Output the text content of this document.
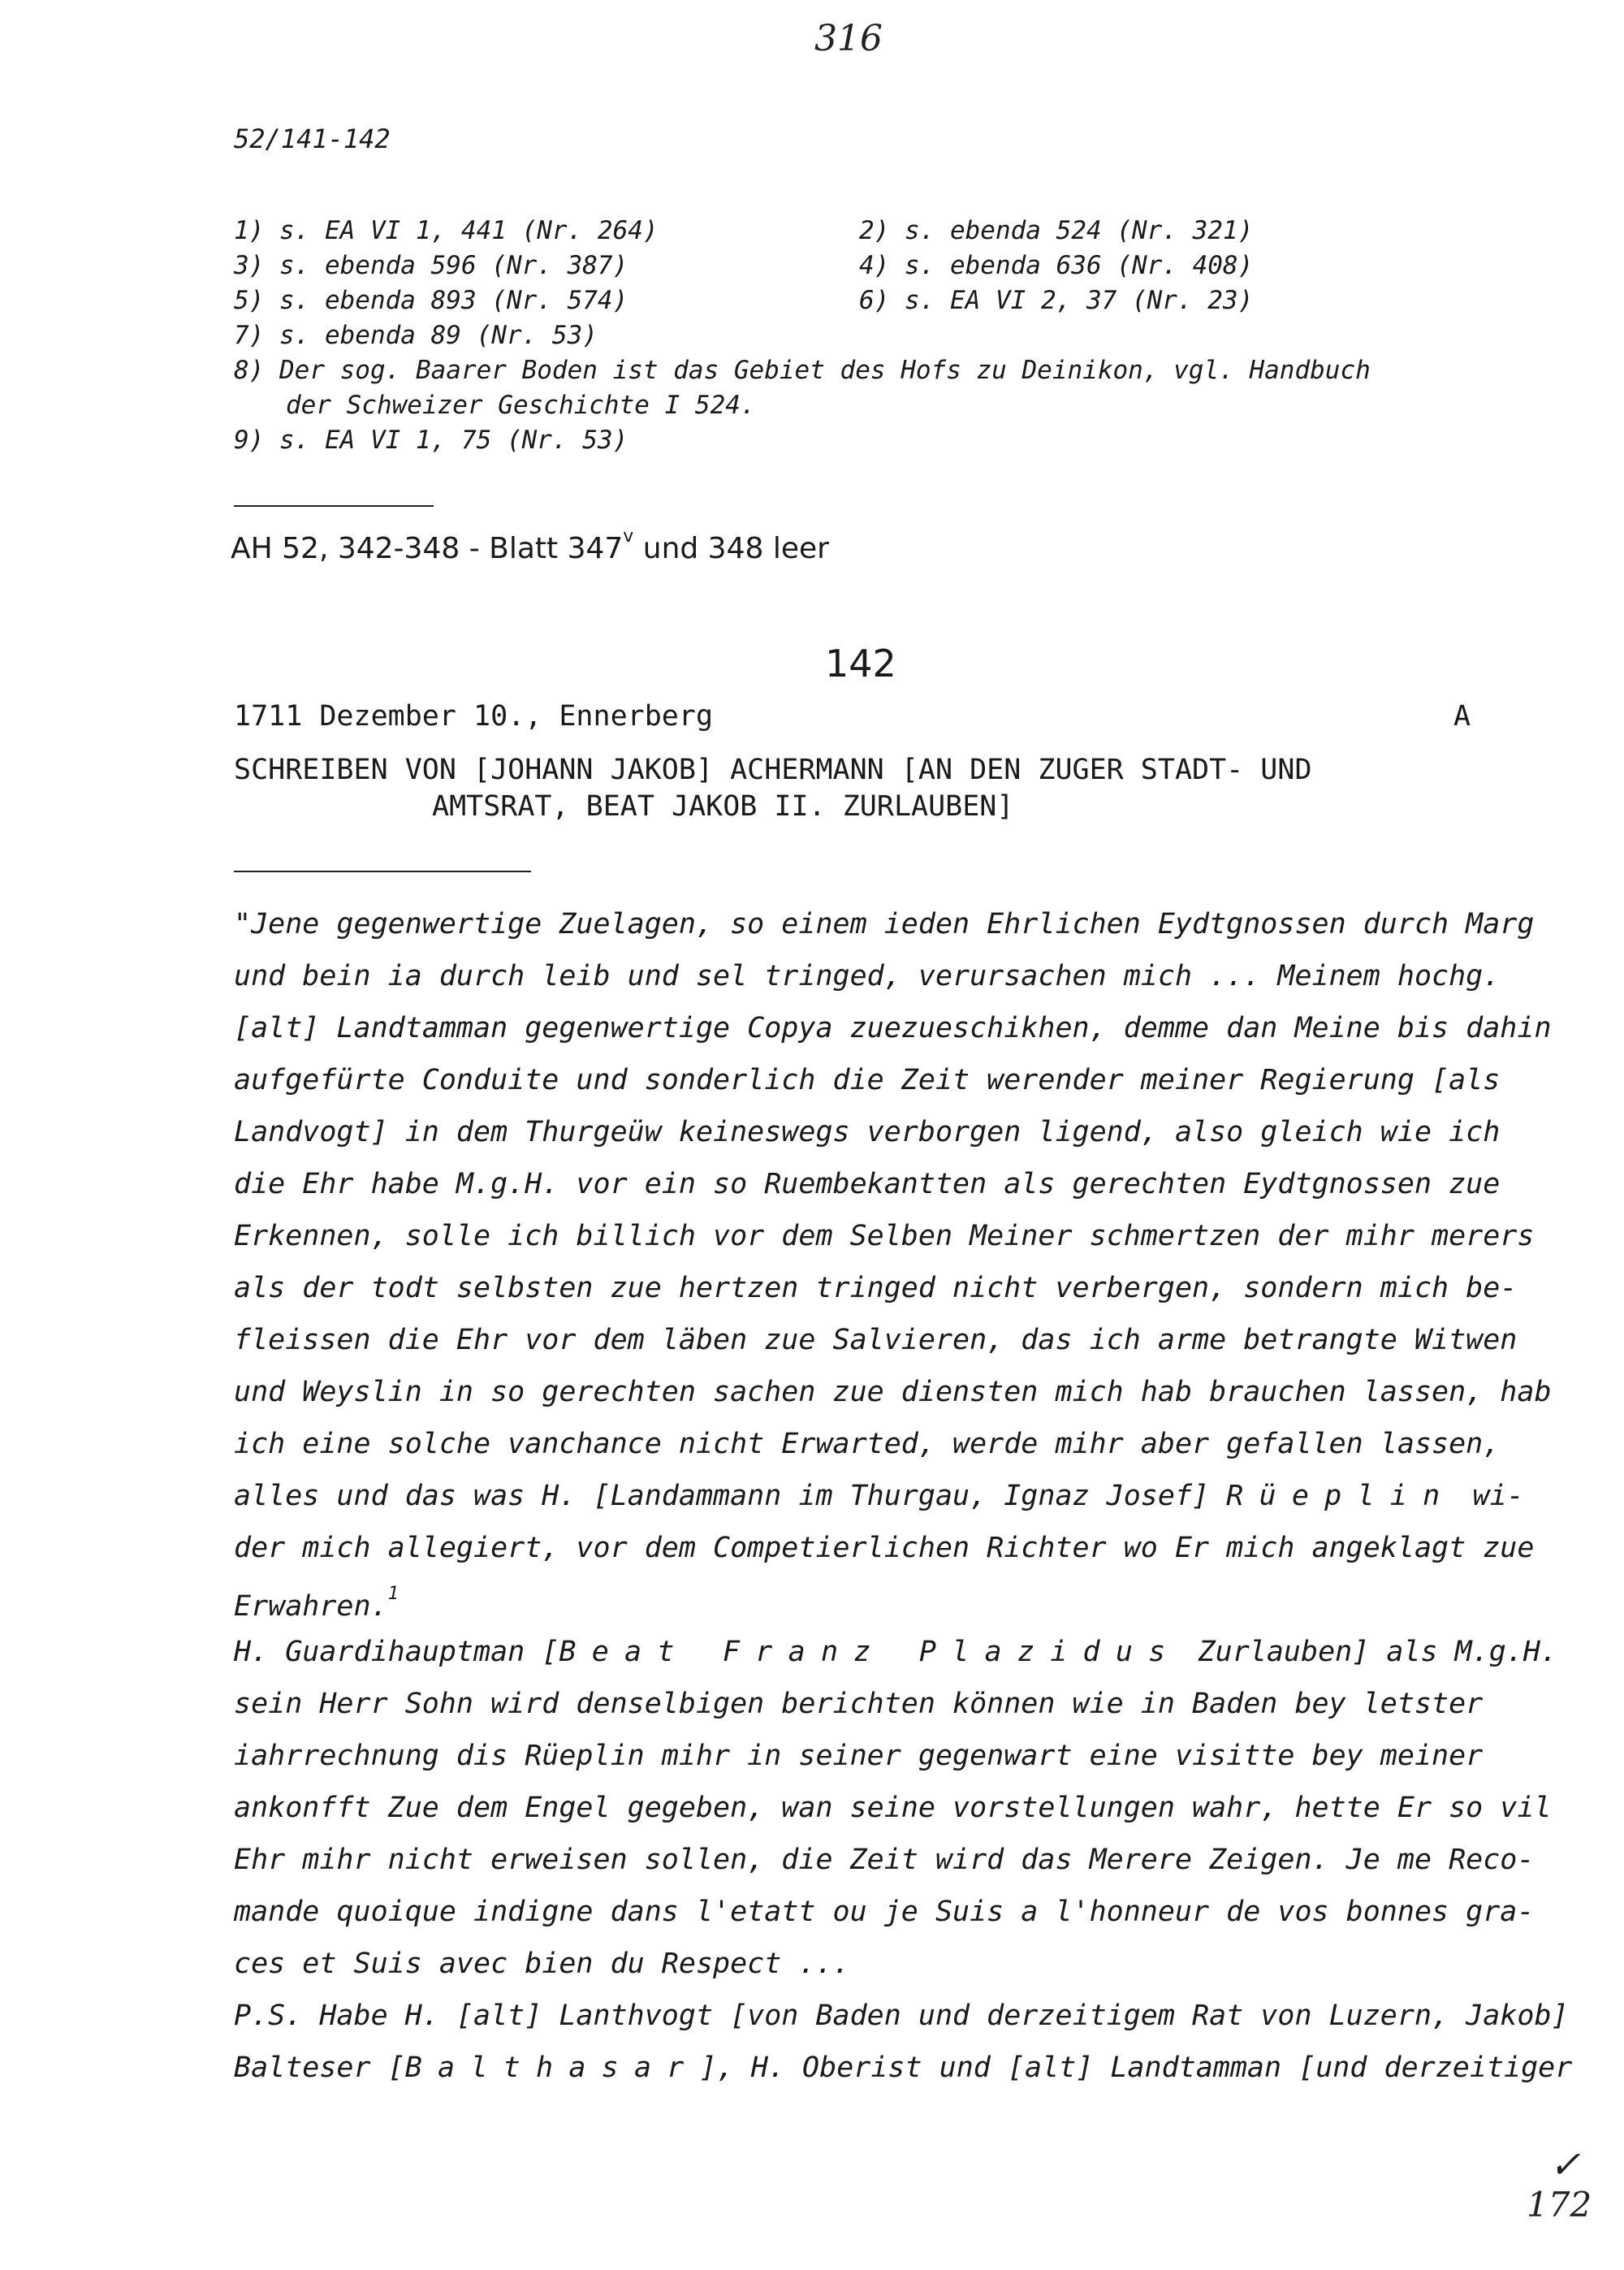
316
52/141-142
1) s. EA VI 1, 441 (Nr. 264)	2) s. ebenda 524 (Nr. 321)
3) s. ebenda 596 (Nr. 387)	4) s. ebenda 636 (Nr. 408)
5) s. ebenda 893 (Nr. 574)	6) s. EA VI 2, 37 (Nr. 23)
7) s. ebenda 89 (Nr. 53)
8) Der sog. Baarer Boden ist das Gebiet des Hofs zu Deinikon, vgl. Handbuch
der Schweizer Geschichte I 524.
9) s. EA VI 1, 75 (Nr. 53)
AH 52, 342-348 - Blatt 347$^v$ und 348 leer
142
1711 Dezember 10., Ennerberg	A
SCHREIBEN VON [JOHANN JAKOB] ACHERMANN [AN DEN ZUGER STADT- UND
AMTSRAT, BEAT JAKOB II. ZURLAUBEN]
"Jene gegenwertige Zuelagen, so einem ieden Ehrlichen Eydtgnossen durch Marg
und bein ia durch leib und sel tringed, verursachen mich ... Meinem hochg.
[alt] Landtamman gegenwertige Copya zuezueschikhen, demme dan Meine bis dahin
aufgefürte Conduite und sonderlich die Zeit werender meiner Regierung [als
Landvogt] in dem Thurgeüw keineswegs verborgen ligend, also gleich wie ich
die Ehr habe M.g.H. vor ein so Ruembekantten als gerechten Eydtgnossen zue
Erkennen, solle ich billich vor dem Selben Meiner schmertzen der mihr merers
als der todt selbsten zue hertzen tringed nicht verbergen, sondern mich be-
fleissen die Ehr vor dem läben zue Salvieren, das ich arme betrangte Witwen
und Weyslin in so gerechten sachen zue diensten mich hab brauchen lassen, hab
ich eine solche vanchance nicht Erwarted, werde mihr aber gefallen lassen,
alles und das was H. [Landammann im Thurgau, Ignaz Josef] Rüeplin wi-
der mich allegiert, vor dem Competierlichen Richter wo Er mich angeklagt zue
Erwahren.$^1$
H. Guardihauptman [Beat Franz Plazidus Zurlauben] als M.g.H.
sein Herr Sohn wird denselbigen berichten können wie in Baden bey letster
iahrrechnung dis Rüeplin mihr in seiner gegenwart eine visitte bey meiner
ankonfft Zue dem Engel gegeben, wan seine vorstellungen wahr, hette Er so vil
Ehr mihr nicht erweisen sollen, die Zeit wird das Merere Zeigen. Je me Reco-
mande quoique indigne dans l'etatt ou je Suis a l'honneur de vos bonnes gra-
ces et Suis avec bien du Respect ...
P.S. Habe H. [alt] Lanthvogt [von Baden und derzeitigem Rat von Luzern, Jakob]
Balteser [Balthasar], H. Oberist und [alt] Landtamman [und derzeitiger
✓
172
